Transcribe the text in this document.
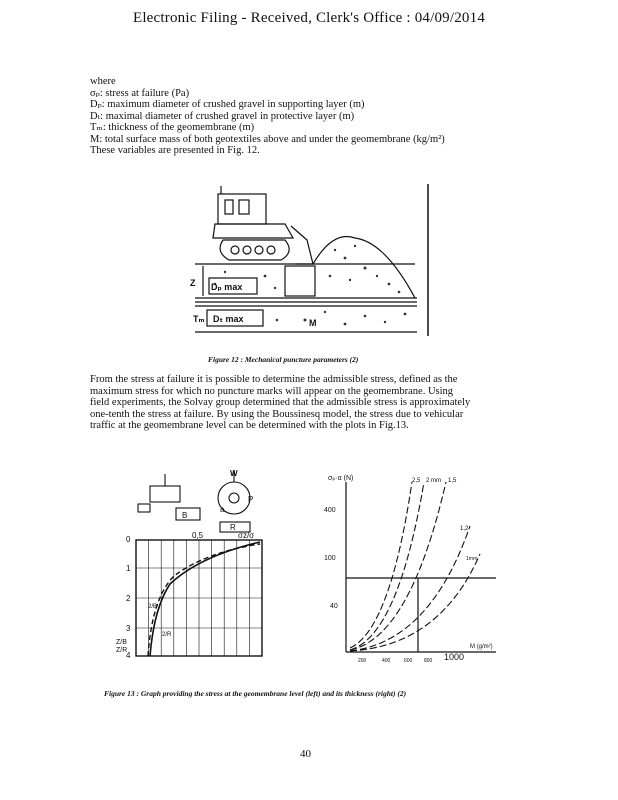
Electronic Filing - Received, Clerk's Office : 04/09/2014
where
σₚ: stress at failure (Pa)
Dₚ: maximum diameter of crushed gravel in supporting layer (m)
Dₜ: maximal diameter of crushed gravel in protective layer (m)
Tₘ: thickness of the geomembrane (m)
M: total surface mass of both geotextiles above and under the geomembrane (kg/m²)
These variables are presented in Fig. 12.
Z Dₚ max
Tₘ Dₜ max	M
Figure 12 : Mechanical puncture parameters (2)
From the stress at failure it is possible to determine the admissible stress, defined as the
maximum stress for which no puncture marks will appear on the geomembrane. Using
field experiments, the Solvay group determined that the admissible stress is approximately
one-tenth the stress at failure. By using the Boussinesq model, the stress due to vehicular
traffic at the geomembrane level can be determined with the plots in Fig.13.
0	0,5	σz/σ
1
2
3
4
2/B
2/R
Z/B
Z/R
W
B
R
a
P
σₚ·α (N)
400
100
40
200	400	600 800 1000
M (g/m²)
2,5 2 mm 1,5
1,2
1mm
Figure 13 : Graph providing the stress at the geomembrane level (left) and its thickness (right) (2)
40
